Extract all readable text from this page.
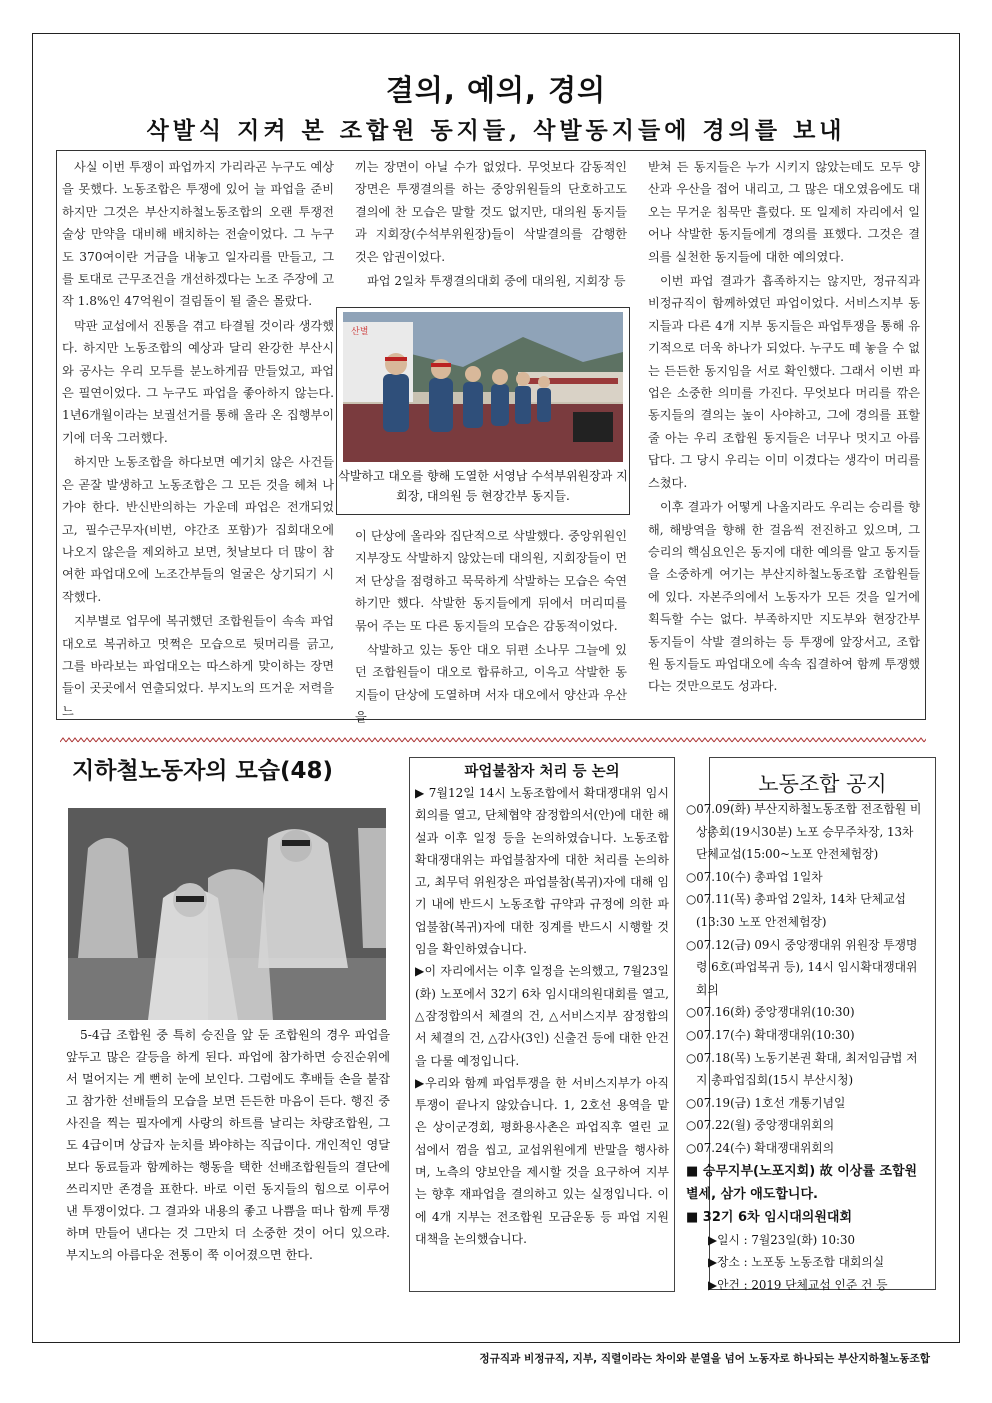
결의, 예의, 경의
삭발식 지켜 본 조합원 동지들, 삭발동지들에 경의를 보내

사실 이번 투쟁이 파업까지 가리라곤 누구도 예상을 못했다. 노동조합은 투쟁에 있어 늘 파업을 준비하지만 그것은 부산지하철노동조합의 오랜 투쟁전술상 만약을 대비해 배치하는 전술이었다. 그 누구도 370여이란 거금을 내놓고 일자리를 만들고, 그를 토대로 근무조건을 개선하겠다는 노조 주장에 고작 1.8%인 47억원이 걸림돌이 될 줄은 몰랐다.

막판 교섭에서 진통을 겪고 타결될 것이라 생각했다. 하지만 노동조합의 예상과 달리 완강한 부산시와 공사는 우리 모두를 분노하게끔 만들었고, 파업은 필연이었다. 그 누구도 파업을 좋아하지 않는다. 1년6개월이라는 보궐선거를 통해 올라 온 집행부이기에 더욱 그러했다.

하지만 노동조합을 하다보면 예기치 않은 사건들은 곧잘 발생하고 노동조합은 그 모든 것을 헤쳐 나가야 한다. 반신반의하는 가운데 파업은 전개되었고, 필수근무자(비번, 야간조 포함)가 집회대오에 나오지 않은을 제외하고 보면, 첫날보다 더 많이 참여한 파업대오에 노조간부들의 얼굴은 상기되기 시작했다.

지부별로 업무에 복귀했던 조합원들이 속속 파업대오로 복귀하고 멋쩍은 모습으로 뒷머리를 긁고, 그를 바라보는 파업대오는 따스하게 맞이하는 장면들이 곳곳에서 연출되었다. 부지노의 뜨거운 저력을 느

끼는 장면이 아닐 수가 없었다. 무엇보다 감동적인 장면은 투쟁결의를 하는 중앙위원들의 단호하고도 결의에 찬 모습은 말할 것도 없지만, 대의원 동지들과 지회장(수석부위원장)들이 삭발결의를 감행한 것은 압권이었다.

파업 2일차 투쟁결의대회 중에 대의원, 지회장 등

산별
삭발하고 대오를 향해 도열한 서영남 수석부위원장과 지회장, 대의원 등 현장간부 동지들.

이 단상에 올라와 집단적으로 삭발했다. 중앙위원인 지부장도 삭발하지 않았는데 대의원, 지회장들이 먼저 단상을 점령하고 묵묵하게 삭발하는 모습은 숙연하기만 했다. 삭발한 동지들에게 뒤에서 머리띠를 묶어 주는 또 다른 동지들의 모습은 감동적이었다.

삭발하고 있는 동안 대오 뒤편 소나무 그늘에 있던 조합원들이 대오로 합류하고, 이윽고 삭발한 동지들이 단상에 도열하며 서자 대오에서 양산과 우산을

받쳐 든 동지들은 누가 시키지 않았는데도 모두 양산과 우산을 접어 내리고, 그 많은 대오였음에도 대오는 무거운 침묵만 흘렀다. 또 일제히 자리에서 일어나 삭발한 동지들에게 경의를 표했다. 그것은 결의를 실천한 동지들에 대한 예의였다.

이번 파업 결과가 흡족하지는 않지만, 정규직과 비정규직이 함께하였던 파업이었다. 서비스지부 동지들과 다른 4개 지부 동지들은 파업투쟁을 통해 유기적으로 더욱 하나가 되었다. 누구도 떼 놓을 수 없는 든든한 동지임을 서로 확인했다. 그래서 이번 파업은 소중한 의미를 가진다. 무엇보다 머리를 깎은 동지들의 결의는 높이 사야하고, 그에 경의를 표할 줄 아는 우리 조합원 동지들은 너무나 멋지고 아름답다. 그 당시 우리는 이미 이겼다는 생각이 머리를 스쳤다.

이후 결과가 어떻게 나올지라도 우리는 승리를 향해, 해방역을 향해 한 걸음씩 전진하고 있으며, 그 승리의 핵심요인은 동지에 대한 예의를 알고 동지들을 소중하게 여기는 부산지하철노동조합 조합원들에 있다. 자본주의에서 노동자가 모든 것을 일거에 획득할 수는 없다. 부족하지만 지도부와 현장간부 동지들이 삭발 결의하는 등 투쟁에 앞장서고, 조합원 동지들도 파업대오에 속속 집결하여 함께 투쟁했다는 것만으로도 성과다.

지하철노동자의 모습(48)
5-4급 조합원 중 특히 승진을 앞 둔 조합원의 경우 파업을 앞두고 많은 갈등을 하게 된다. 파업에 참가하면 승진순위에서 멀어지는 게 뻔히 눈에 보인다. 그럼에도 후배들 손을 붙잡고 참가한 선배들의 모습을 보면 든든한 마음이 든다. 행진 중 사진을 찍는 필자에게 사랑의 하트를 날리는 차량조합원, 그도 4급이며 상급자 눈치를 봐야하는 직급이다. 개인적인 영달보다 동료들과 함께하는 행동을 택한 선배조합원들의 결단에 쓰리지만 존경을 표한다. 바로 이런 동지들의 힘으로 이루어 낸 투쟁이었다. 그 결과와 내용의 좋고 나쁨을 떠나 함께 투쟁하며 만들어 낸다는 것 그만치 더 소중한 것이 어디 있으랴. 부지노의 아름다운 전통이 쭉 이어졌으면 한다.
파업불참자 처리 등 논의

▶ 7월12일 14시 노동조합에서 확대쟁대위 임시회의를 열고, 단체협약 잠정합의서(안)에 대한 해설과 이후 일정 등을 논의하였습니다. 노동조합 확대쟁대위는 파업불참자에 대한 처리를 논의하고, 최무덕 위원장은 파업불참(복귀)자에 대해 임기 내에 반드시 노동조합 규약과 규정에 의한 파업불참(복귀)자에 대한 징계를 반드시 시행할 것임을 확인하였습니다.

▶이 자리에서는 이후 일정을 논의했고, 7월23일(화) 노포에서 32기 6차 임시대의원대회를 열고, △잠정합의서 체결의 건, △서비스지부 잠정합의서 체결의 건, △감사(3인) 신출건 등에 대한 안건을 다룰 예정입니다.

▶우리와 함께 파업투쟁을 한 서비스지부가 아직 투쟁이 끝나지 않았습니다. 1, 2호선 용역을 맡은 상이군경회, 평화용사촌은 파업직후 열린 교섭에서 껌을 씹고, 교섭위원에게 반말을 행사하며, 노측의 양보안을 제시할 것을 요구하여 지부는 향후 재파업을 결의하고 있는 실정입니다. 이에 4개 지부는 전조합원 모금운동 등 파업 지원대책을 논의했습니다.

노동조합 공지

○07.09(화) 부산지하철노동조합 전조합원 비상총회(19시30분) 노포 승무주차장, 13차 단체교섭(15:00~노포 안전체험장)

○07.10(수) 총파업 1일차

○07.11(목) 총파업 2일차, 14차 단체교섭(13:30 노포 안전체험장)

○07.12(금) 09시 중앙쟁대위 위원장 투쟁명령 6호(파업복귀 등), 14시 임시확대쟁대위 회의

○07.16(화) 중앙쟁대위(10:30)

○07.17(수) 확대쟁대위(10:30)

○07.18(목) 노동기본권 확대, 최저임금법 저지 총파업집회(15시 부산시청)

○07.19(금) 1호선 개통기념일

○07.22(월) 중앙쟁대위회의

○07.24(수) 확대쟁대위회의

■ 승무지부(노포지회) 故 이상률 조합원 별세, 삼가 애도합니다.

■ 32기 6차 임시대의원대회

▶일시 : 7월23일(화) 10:30

▶장소 : 노포동 노동조합 대회의실

▶안건 : 2019 단체교섭 인준 건 등

정규직과 비정규직, 지부, 직렬이라는 차이와 분열을 넘어 노동자로 하나되는 부산지하철노동조합
